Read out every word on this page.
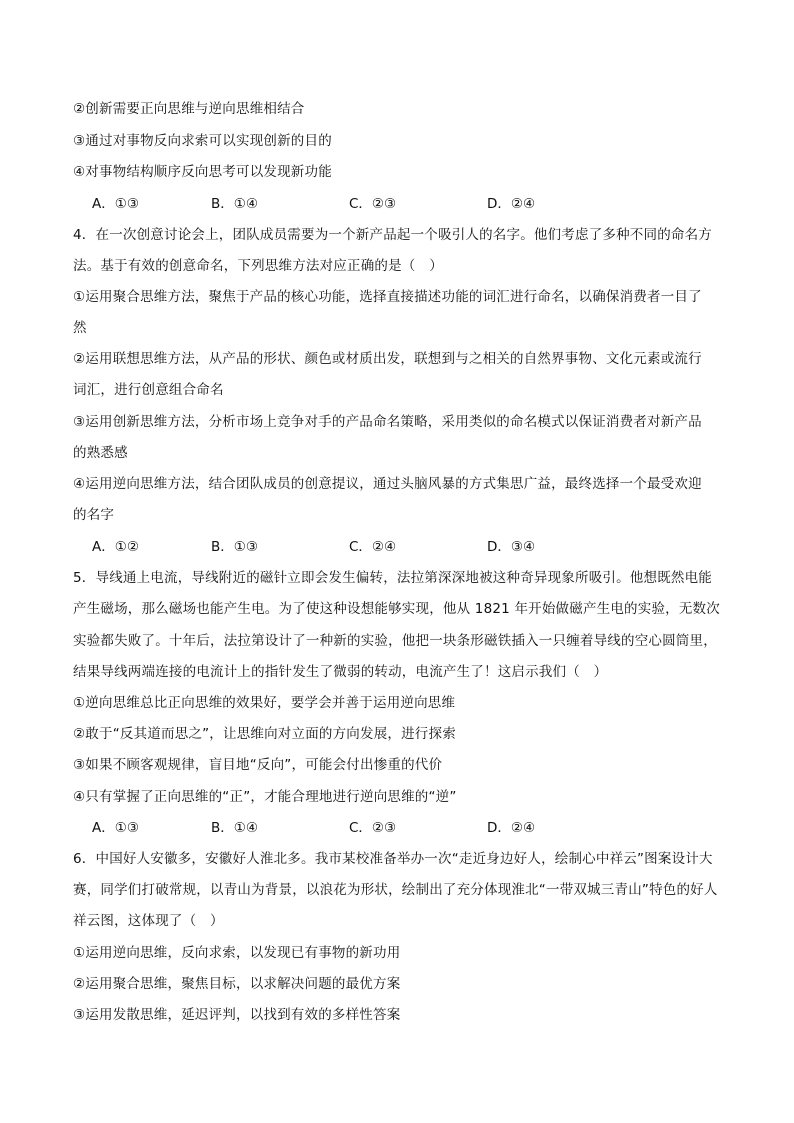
②创新需要正向思维与逆向思维相结合
③通过对事物反向求索可以实现创新的目的
④对事物结构顺序反向思考可以发现新功能
A．①③	B．①④	C．②③	D．②④
4．在一次创意讨论会上，团队成员需要为一个新产品起一个吸引人的名字。他们考虑了多种不同的命名方
法。基于有效的创意命名，下列思维方法对应正确的是（　）
①运用聚合思维方法，聚焦于产品的核心功能，选择直接描述功能的词汇进行命名，以确保消费者一目了
然
②运用联想思维方法，从产品的形状、颜色或材质出发，联想到与之相关的自然界事物、文化元素或流行
词汇，进行创意组合命名
③运用创新思维方法，分析市场上竞争对手的产品命名策略，采用类似的命名模式以保证消费者对新产品
的熟悉感
④运用逆向思维方法，结合团队成员的创意提议，通过头脑风暴的方式集思广益，最终选择一个最受欢迎
的名字
A．①②	B．①③	C．②④	D．③④
5．导线通上电流，导线附近的磁针立即会发生偏转，法拉第深深地被这种奇异现象所吸引。他想既然电能
产生磁场，那么磁场也能产生电。为了使这种设想能够实现，他从 1821 年开始做磁产生电的实验，无数次
实验都失败了。十年后，法拉第设计了一种新的实验，他把一块条形磁铁插入一只缠着导线的空心圆筒里，
结果导线两端连接的电流计上的指针发生了微弱的转动，电流产生了！这启示我们（　）
①逆向思维总比正向思维的效果好，要学会并善于运用逆向思维
②敢于“反其道而思之”，让思维向对立面的方向发展，进行探索
③如果不顾客观规律，盲目地“反向”，可能会付出惨重的代价
④只有掌握了正向思维的“正”，才能合理地进行逆向思维的“逆”
A．①③	B．①④	C．②③	D．②④
6．中国好人安徽多，安徽好人淮北多。我市某校准备举办一次“走近身边好人，绘制心中祥云”图案设计大
赛，同学们打破常规，以青山为背景，以浪花为形状，绘制出了充分体现淮北“一带双城三青山”特色的好人
祥云图，这体现了（　）
①运用逆向思维，反向求索，以发现已有事物的新功用
②运用聚合思维，聚焦目标，以求解决问题的最优方案
③运用发散思维，延迟评判，以找到有效的多样性答案
